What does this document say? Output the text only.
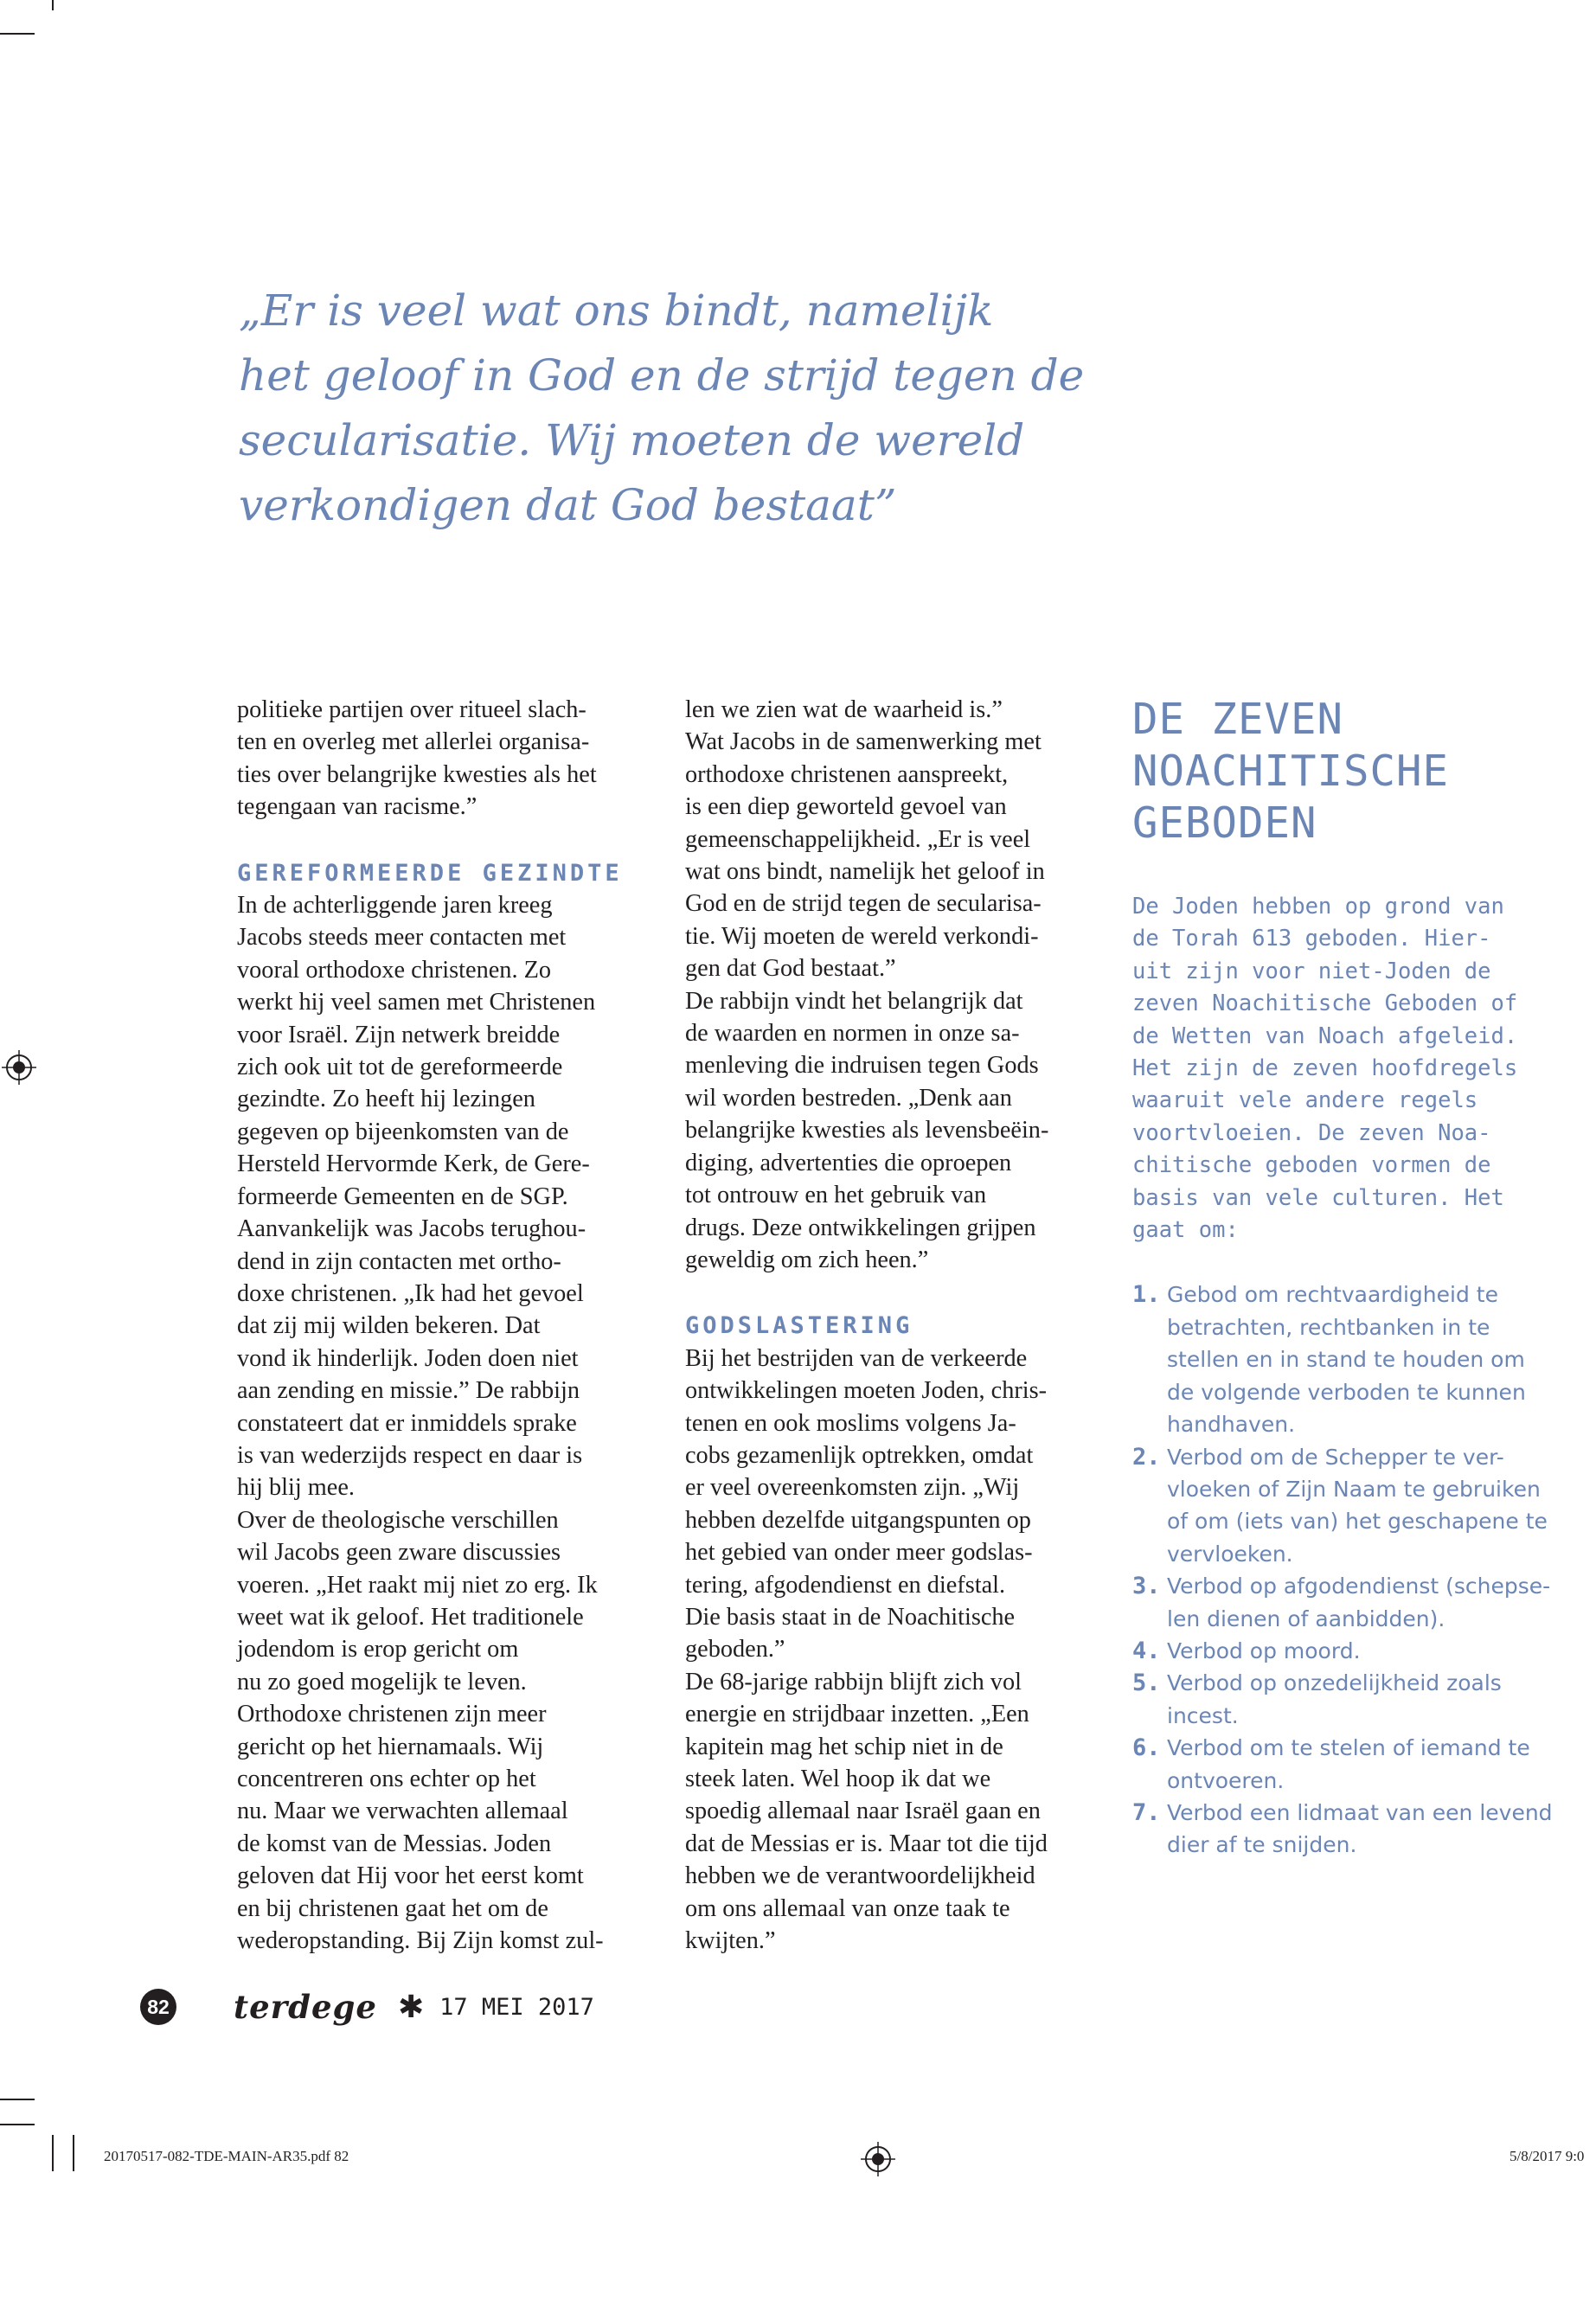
„Er is veel wat ons bindt, namelijk
het geloof in God en de strijd tegen de
secularisatie. Wij moeten de wereld
verkondigen dat God bestaat”
politieke partijen over ritueel slach-
ten en overleg met allerlei organisa-
ties over belangrijke kwesties als het
tegengaan van racisme.”
GEREFORMEERDE GEZINDTE
In de achterliggende jaren kreeg
Jacobs steeds meer contacten met
vooral orthodoxe christenen. Zo
werkt hij veel samen met Christenen
voor Israël. Zijn netwerk breidde
zich ook uit tot de gereformeerde
gezindte. Zo heeft hij lezingen
gegeven op bijeenkomsten van de
Hersteld Hervormde Kerk, de Gere-
formeerde Gemeenten en de SGP.
Aanvankelijk was Jacobs terughou-
dend in zijn contacten met ortho-
doxe christenen. „Ik had het gevoel
dat zij mij wilden bekeren. Dat
vond ik hinderlijk. Joden doen niet
aan zending en missie.” De rabbijn
constateert dat er inmiddels sprake
is van wederzijds respect en daar is
hij blij mee.
Over de theologische verschillen
wil Jacobs geen zware discussies
voeren. „Het raakt mij niet zo erg. Ik
weet wat ik geloof. Het traditionele
jodendom is erop gericht om
nu zo goed mogelijk te leven.
Orthodoxe christenen zijn meer
gericht op het hiernamaals. Wij
concentreren ons echter op het
nu. Maar we verwachten allemaal
de komst van de Messias. Joden
geloven dat Hij voor het eerst komt
en bij christenen gaat het om de
wederopstanding. Bij Zijn komst zul-
len we zien wat de waarheid is.”
Wat Jacobs in de samenwerking met
orthodoxe christenen aanspreekt,
is een diep geworteld gevoel van
gemeenschappelijkheid. „Er is veel
wat ons bindt, namelijk het geloof in
God en de strijd tegen de secularisa-
tie. Wij moeten de wereld verkondi-
gen dat God bestaat.”
De rabbijn vindt het belangrijk dat
de waarden en normen in onze sa-
menleving die indruisen tegen Gods
wil worden bestreden. „Denk aan
belangrijke kwesties als levensbeëin-
diging, advertenties die oproepen
tot ontrouw en het gebruik van
drugs. Deze ontwikkelingen grijpen
geweldig om zich heen.”
GODSLASTERING
Bij het bestrijden van de verkeerde
ontwikkelingen moeten Joden, chris-
tenen en ook moslims volgens Ja-
cobs gezamenlijk optrekken, omdat
er veel overeenkomsten zijn. „Wij
hebben dezelfde uitgangspunten op
het gebied van onder meer godslas-
tering, afgodendienst en diefstal.
Die basis staat in de Noachitische
geboden.”
De 68-jarige rabbijn blijft zich vol
energie en strijdbaar inzetten. „Een
kapitein mag het schip niet in de
steek laten. Wel hoop ik dat we
spoedig allemaal naar Israël gaan en
dat de Messias er is. Maar tot die tijd
hebben we de verantwoordelijkheid
om ons allemaal van onze taak te
kwijten.”
DE ZEVEN
NOACHITISCHE
GEBODEN
De Joden hebben op grond van
de Torah 613 geboden. Hier-
uit zijn voor niet-Joden de
zeven Noachitische Geboden of
de Wetten van Noach afgeleid.
Het zijn de zeven hoofdregels
waaruit vele andere regels
voortvloeien. De zeven Noa-
chitische geboden vormen de
basis van vele culturen. Het
gaat om:
1. Gebod om rechtvaardigheid te
betrachten, rechtbanken in te
stellen en in stand te houden om
de volgende verboden te kunnen
handhaven.
2. Verbod om de Schepper te ver-
vloeken of Zijn Naam te gebruiken
of om (iets van) het geschapene te
vervloeken.
3. Verbod op afgodendienst (schepse-
len dienen of aanbidden).
4. Verbod op moord.
5. Verbod op onzedelijkheid zoals
incest.
6. Verbod om te stelen of iemand te
ontvoeren.
7. Verbod een lidmaat van een levend
dier af te snijden.
82 terdege ✱ 17 MEI 2017
20170517-082-TDE-MAIN-AR35.pdf 82	5/8/2017 9:0
